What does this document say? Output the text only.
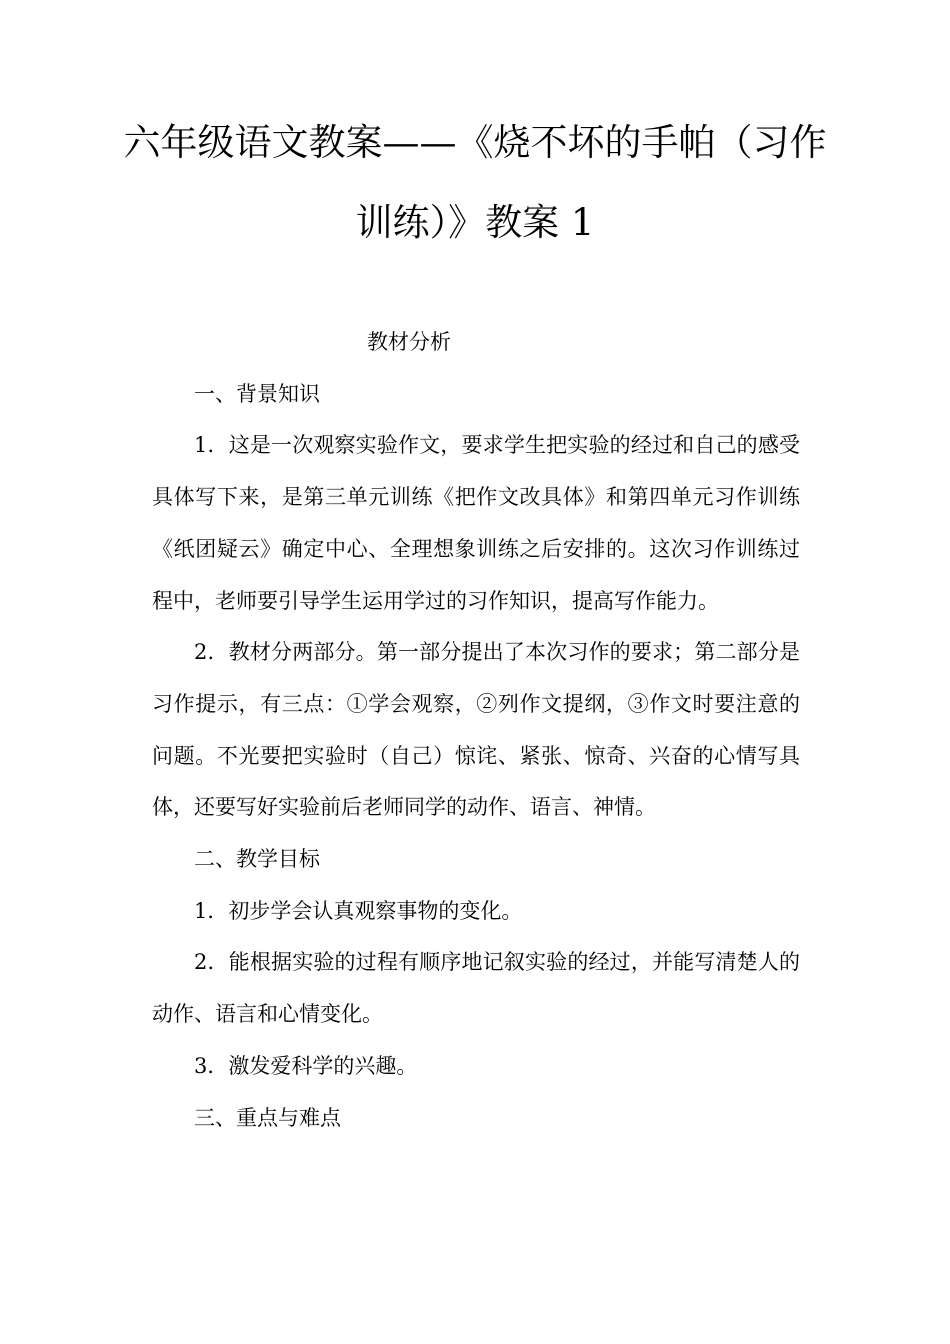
六年级语文教案——《烧不坏的手帕（习作
训练）》教案 1

教材分析

一、背景知识

1．这是一次观察实验作文，要求学生把实验的经过和自己的感受具体写下来，是第三单元训练《把作文改具体》和第四单元习作训练《纸团疑云》确定中心、全理想象训练之后安排的。这次习作训练过程中，老师要引导学生运用学过的习作知识，提高写作能力。

2．教材分两部分。第一部分提出了本次习作的要求；第二部分是习作提示，有三点：①学会观察，②列作文提纲，③作文时要注意的问题。不光要把实验时（自己）惊诧、紧张、惊奇、兴奋的心情写具体，还要写好实验前后老师同学的动作、语言、神情。

二、教学目标

1．初步学会认真观察事物的变化。

2．能根据实验的过程有顺序地记叙实验的经过，并能写清楚人的动作、语言和心情变化。

3．激发爱科学的兴趣。

三、重点与难点
